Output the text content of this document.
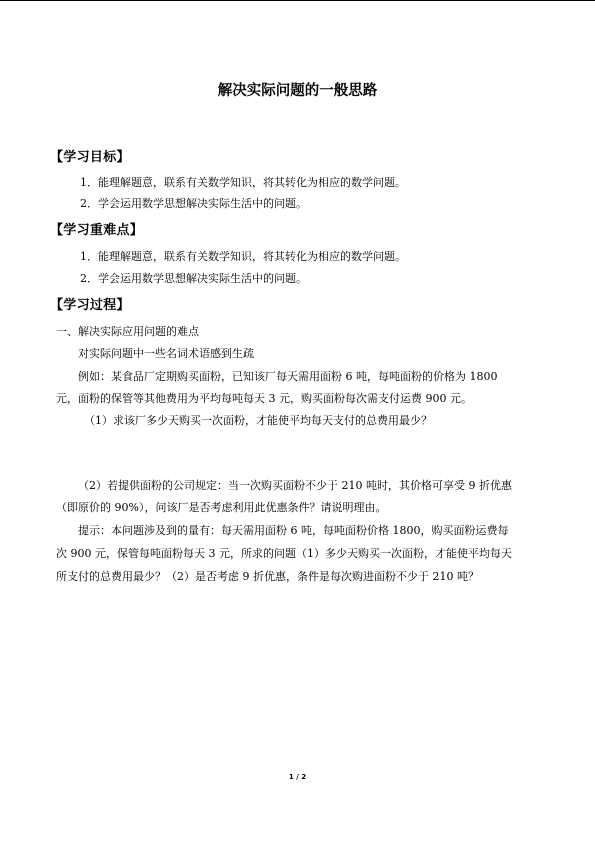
解决实际问题的一般思路
【学习目标】
1．能理解题意，联系有关数学知识，将其转化为相应的数学问题。
2．学会运用数学思想解决实际生活中的问题。
【学习重难点】
1．能理解题意，联系有关数学知识，将其转化为相应的数学问题。
2．学会运用数学思想解决实际生活中的问题。
【学习过程】
一、解决实际应用问题的难点
对实际问题中一些名词术语感到生疏
例如：某食品厂定期购买面粉，已知该厂每天需用面粉 6 吨，每吨面粉的价格为 1800
元，面粉的保管等其他费用为平均每吨每天 3 元，购买面粉每次需支付运费 900 元。
（1）求该厂多少天购买一次面粉，才能使平均每天支付的总费用最少？
（2）若提供面粉的公司规定：当一次购买面粉不少于 210 吨时，其价格可享受 9 折优惠
（即原价的 90%），问该厂是否考虑利用此优惠条件？请说明理由。
提示：本问题涉及到的量有：每天需用面粉 6 吨，每吨面粉价格 1800，购买面粉运费每
次 900 元，保管每吨面粉每天 3 元，所求的问题（1）多少天购买一次面粉，才能使平均每天
所支付的总费用最少？（2）是否考虑 9 折优惠，条件是每次购进面粉不少于 210 吨？
1 / 2
